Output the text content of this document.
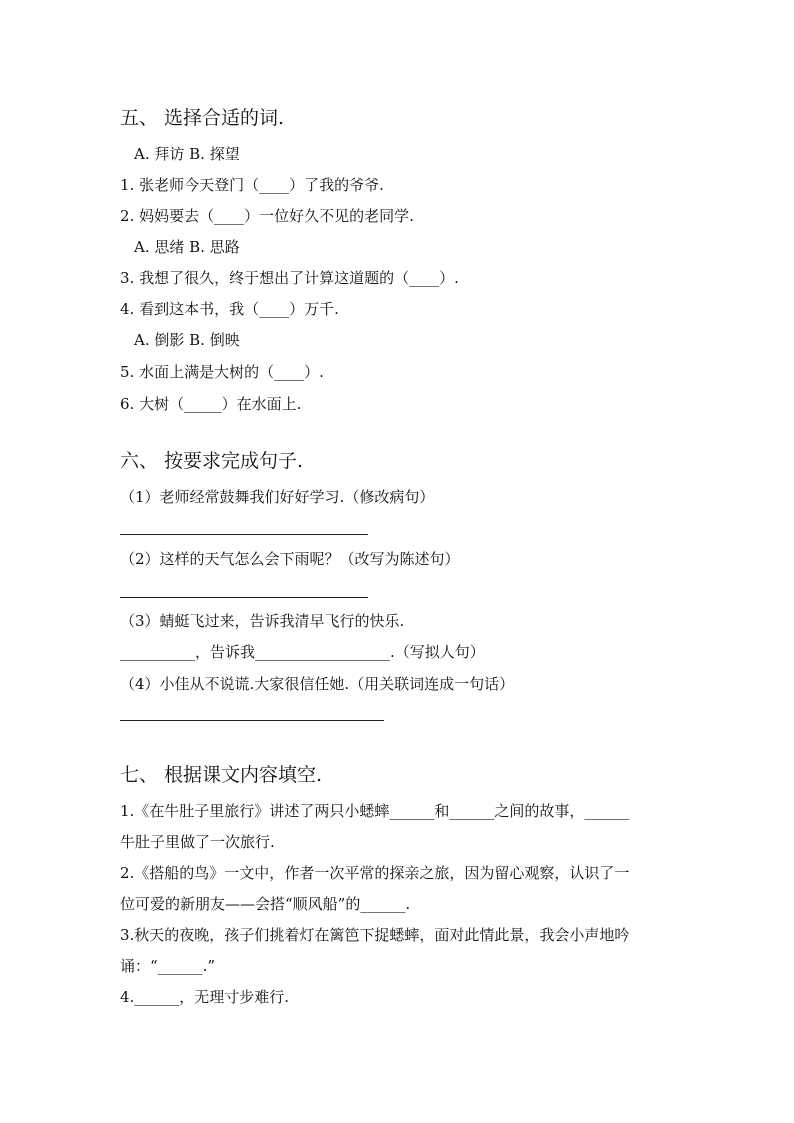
五、 选择合适的词.
A. 拜访 B. 探望
1. 张老师今天登门（____）了我的爷爷.
2. 妈妈要去（____）一位好久不见的老同学.
A. 思绪 B. 思路
3. 我想了很久，终于想出了计算这道题的（____）.
4. 看到这本书，我（____）万千.
A. 倒影 B. 倒映
5. 水面上满是大树的（____）.
6. 大树（_____）在水面上.
六、 按要求完成句子.
（1）老师经常鼓舞我们好好学习.（修改病句）
（2）这样的天气怎么会下雨呢？（改写为陈述句）
（3）蜻蜓飞过来，告诉我清早飞行的快乐.
__________，告诉我__________________.（写拟人句）
（4）小佳从不说谎.大家很信任她.（用关联词连成一句话）
七、 根据课文内容填空.
1.《在牛肚子里旅行》讲述了两只小蟋蟀______和______之间的故事，______
牛肚子里做了一次旅行.
2.《搭船的鸟》一文中，作者一次平常的探亲之旅，因为留心观察，认识了一
位可爱的新朋友——会搭“顺风船”的______.
3.秋天的夜晚，孩子们挑着灯在篱笆下捉蟋蟀，面对此情此景，我会小声地吟
诵：“______.”
4.______，无理寸步难行.
